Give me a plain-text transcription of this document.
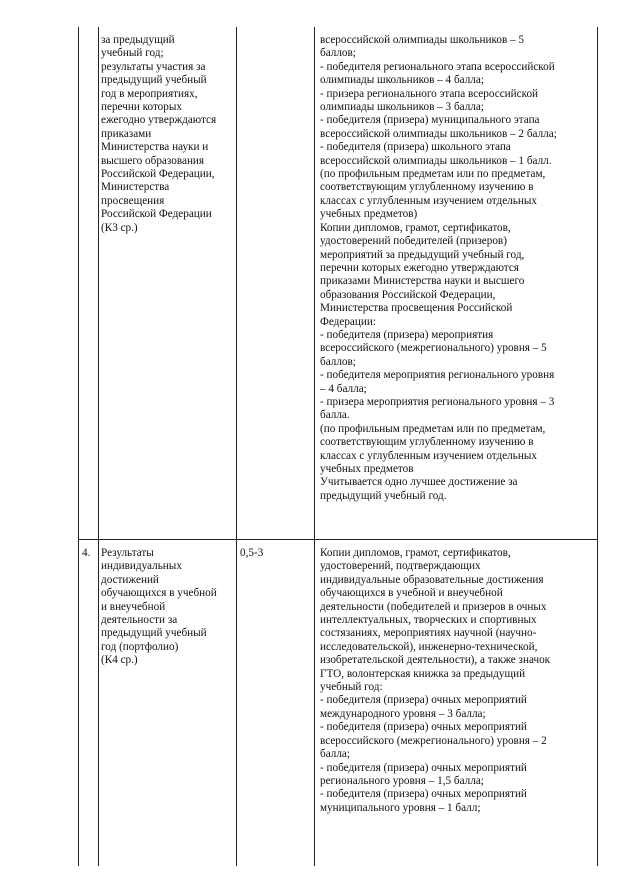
за предыдущий
учебный год;
результаты участия за
предыдущий учебный
год в мероприятиях,
перечни которых
ежегодно утверждаются
приказами
Министерства науки и
высшего образования
Российской Федерации,
Министерства
просвещения
Российской Федерации
(К3 ср.)
всероссийской олимпиады школьников – 5
баллов;
- победителя регионального этапа всероссийской
олимпиады школьников – 4 балла;
- призера регионального этапа всероссийской
олимпиады школьников – 3 балла;
- победителя (призера) муниципального этапа
всероссийской олимпиады школьников – 2 балла;
- победителя (призера) школьного этапа
всероссийской олимпиады школьников – 1 балл.
(по профильным предметам или по предметам,
соответствующим углубленному изучению в
классах с углубленным изучением отдельных
учебных предметов)
Копии дипломов, грамот, сертификатов,
удостоверений победителей (призеров)
мероприятий за предыдущий учебный год,
перечни которых ежегодно утверждаются
приказами Министерства науки и высшего
образования Российской Федерации,
Министерства просвещения Российской
Федерации:
- победителя (призера) мероприятия
всероссийского (межрегионального) уровня – 5
баллов;
- победителя мероприятия регионального уровня
– 4 балла;
- призера мероприятия регионального уровня – 3
балла.
(по профильным предметам или по предметам,
соответствующим углубленному изучению в
классах с углубленным изучением отдельных
учебных предметов
Учитывается одно лучшее достижение за
предыдущий учебный год.
4. Результаты
индивидуальных
достижений
обучающихся в учебной
и внеучебной
деятельности за
предыдущий учебный
год (портфолио)
(К4 ср.)
0,5-3	Копии дипломов, грамот, сертификатов,
удостоверений, подтверждающих
индивидуальные образовательные достижения
обучающихся в учебной и внеучебной
деятельности (победителей и призеров в очных
интеллектуальных, творческих и спортивных
состязаниях, мероприятиях научной (научно-
исследовательской), инженерно-технической,
изобретательской деятельности), а также значок
ГТО, волонтерская книжка за предыдущий
учебный год:
- победителя (призера) очных мероприятий
международного уровня – 3 балла;
- победителя (призера) очных мероприятий
всероссийского (межрегионального) уровня – 2
балла;
- победителя (призера) очных мероприятий
регионального уровня – 1,5 балла;
- победителя (призера) очных мероприятий
муниципального уровня – 1 балл;
